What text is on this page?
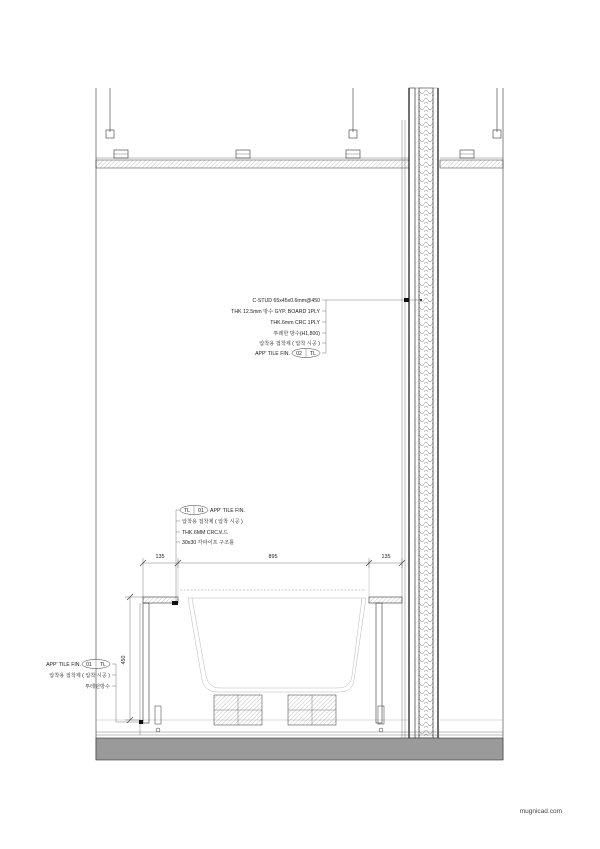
135	895	135
450
C-STUD 65x45x0.6mm@450
THK 12.5mm 방수 GYP. BOARD 1PLY
THK.6mm CRC 1PLY
투레한 방수(H1,800)
압착용 접착제 ( 압착 시공 )
APP' TILE FIN. 02 TL
TL 01 APP' TILE FIN.
압착용 접착제 ( 압착 시공 )
THK.6MM CRC보드
30x30 각파이프 구조틀
APP' TILE FIN. 01 TL
압착용 접착제 ( 압착 시공 )
투레턴방수
mugnicad.com
